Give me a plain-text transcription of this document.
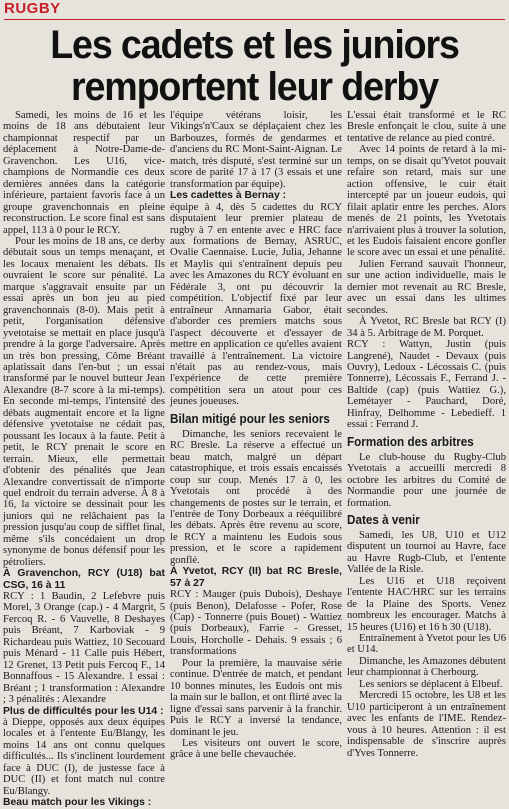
RUGBY
Les cadets et les juniors remportent leur derby

Samedi, les moins de 16 et les moins de 18 ans débutaient leur championnat respectif par un déplacement à Notre-Dame-de-Gravenchon. Les U16, vice-champions de Normandie ces deux dernières années dans la catégorie inférieure, partaient favoris face à un groupe gravenchonnais en pleine reconstruction. Le score final est sans appel, 113 à 0 pour le RCY.

Pour les moins de 18 ans, ce derby débutait sous un temps menaçant, et les locaux menaient les débats. Ils ouvraient le score sur pénalité. La marque s'aggravait ensuite par un essai après un bon jeu au pied gravenchonnais (8-0). Mais petit à petit, l'organisation défensive yvetotaise se mettait en place jusqu'à prendre à la gorge l'adversaire. Après un très bon pressing, Côme Bréant aplatissait dans l'en-but ; un essai transformé par le nouvel butteur Jean Alexandre (8-7 score à la mi-temps). En seconde mi-temps, l'intensité des débats augmentait encore et la ligne défensive yvetotaise ne cédait pas, poussant les locaux à la faute. Petit à petit, le RCY prenait le score en terrain. Mieux, elle permettait d'obtenir des pénalités que Jean Alexandre convertissait de n'importe quel endroit du terrain adverse. À 8 à 16, la victoire se dessinait pour les juniors qui ne relâchaient pas la pression jusqu'au coup de sifflet final, même s'ils concédaient un drop synonyme de bonus défensif pour les pétroliers.

À Gravenchon, RCY (U18) bat CSG, 16 à 11

RCY : 1 Baudin, 2 Lefebvre puis Morel, 3 Orange (cap.) - 4 Margrit, 5 Fercoq R. - 6 Vauvelle, 8 Deshayes puis Bréant, 7 Karboviak - 9 Richardeau puis Wattiez, 10 Secouard puis Ménard - 11 Calle puis Hébert, 12 Grenet, 13 Petit puis Fercoq F., 14 Bonnaffous - 15 Alexandre. 1 essai : Bréant ; 1 transformation : Alexandre ; 3 pénalités : Alexandre

Plus de difficultés pour les U14 :

à Dieppe, opposés aux deux équipes locales et à l'entente Eu/Blangy, les moins 14 ans ont connu quelques difficultés... Ils s'inclinent lourdement face à DUC (I), de justesse face à DUC (II) et font match nul contre Eu/Blangy.

Beau match pour les Vikings :

l'équipe vétérans loisir, les Vikings'n'Caux se déplaçaient chez les Barbouzes, formés de gendarmes et d'anciens du RC Mont-Saint-Aignan. Le match, très disputé, s'est terminé sur un score de parité 17 à 17 (3 essais et une transformation par équipe).

Les cadettes à Bernay :

équipe à 4, dès 5 cadettes du RCY disputaient leur premier plateau de rugby à 7 en entente avec e HRC face aux formations de Bernay, ASRUC, Ovalie Caennaise. Lucie, Julia, Jehanne et Maylis qui s'entraînent depuis peu avec les Amazones du RCY évoluant en Fédérale 3, ont pu découvrir la compétition. L'objectif fixé par leur entraîneur Annamaria Gabor, était d'aborder ces premiers matchs sous l'aspect découverte et d'essayer de mettre en application ce qu'elles avaient travaillé à l'entraînement. La victoire n'était pas au rendez-vous, mais l'expérience de cette première compétition sera un atout pour ces jeunes joueuses.

Bilan mitigé pour les seniors

Dimanche, les seniors recevaient le RC Bresle. La réserve a effectué un beau match, malgré un départ catastrophique, et trois essais encaissés coup sur coup. Menés 17 à 0, les Yvetotais ont procédé à des changements de postes sur le terrain, et l'entrée de Tony Dorbeaux a rééquilibré les débats. Après être revenu au score, le RCY a maintenu les Eudois sous pression, et le score a rapidement gonflé.

À Yvetot, RCY (II) bat RC Bresle, 57 à 27

RCY : Mauger (puis Dubois), Deshaye (puis Benon), Delafosse - Pofer, Rose (Cap) - Tonnerre (puis Bouet) - Wattiez (puis Dorbeaux), Farrie - Gresset, Louis, Horcholle - Dehais. 9 essais ; 6 transformations

Pour la première, la mauvaise série continue. D'entrée de match, et pendant 10 bonnes minutes, les Eudois ont mis la main sur le ballon, et ont flirté avec la ligne d'essai sans parvenir à la franchir. Puis le RCY a inversé la tendance, dominant le jeu.

Les visiteurs ont ouvert le score, grâce à une belle chevauchée.

L'essai était transformé et le RC Bresle enfonçait le clou, suite à une tentative de relance au pied contré.

Avec 14 points de retard à la mi-temps, on se disait qu'Yvetot pouvait refaire son retard, mais sur une action offensive, le cuir était intercepté par un joueur eudois, qui filait aplatir entre les perches. Alors menés de 21 points, les Yvetotais n'arrivaient plus à trouver la solution, et les Eudois faisaient encore gonfler le score avec un essai et une pénalité.

Julien Ferrand sauvait l'honneur, sur une action individuelle, mais le dernier mot revenait au RC Bresle, avec un essai dans les ultimes secondes.

À Yvetot, RC Bresle bat RCY (I) 34 à 5. Arbitrage de M. Porquet.

RCY : Wattyn, Justin (puis Langrené), Naudet - Devaux (puis Ouvry), Ledoux - Lécossais C. (puis Tonnerre), Lécossais F., Ferrand J. - Baltide (cap) (puis Wattiez G.), Lemétayer - Pauchard, Doré, Hinfray, Delhomme - Lebedieff. 1 essai : Ferrand J.

Formation des arbitres

Le club-house du Rugby-Club Yvetotais a accueilli mercredi 8 octobre les arbitres du Comité de Normandie pour une journée de formation.

Dates à venir

Samedi, les U8, U10 et U12 disputent un tournoi au Havre, face au Havre Rugb-Club, et l'entente Vallée de la Risle.

Les U16 et U18 reçoivent l'entente HAC/HRC sur les terrains de la Plaine des Sports. Venez nombreux les encourager. Matchs à 15 heures (U16) et 16 h 30 (U18).

Entraînement à Yvetot pour les U6 et U14.

Dimanche, les Amazones débutent leur championnat à Cherbourg.

Les seniors se déplacent à Elbeuf.

Mercredi 15 octobre, les U8 et les U10 participeront à un entraînement avec les enfants de l'IME. Rendez-vous à 10 heures. Attention : il est indispensable de s'inscrire auprès d'Yves Tonnerre.
